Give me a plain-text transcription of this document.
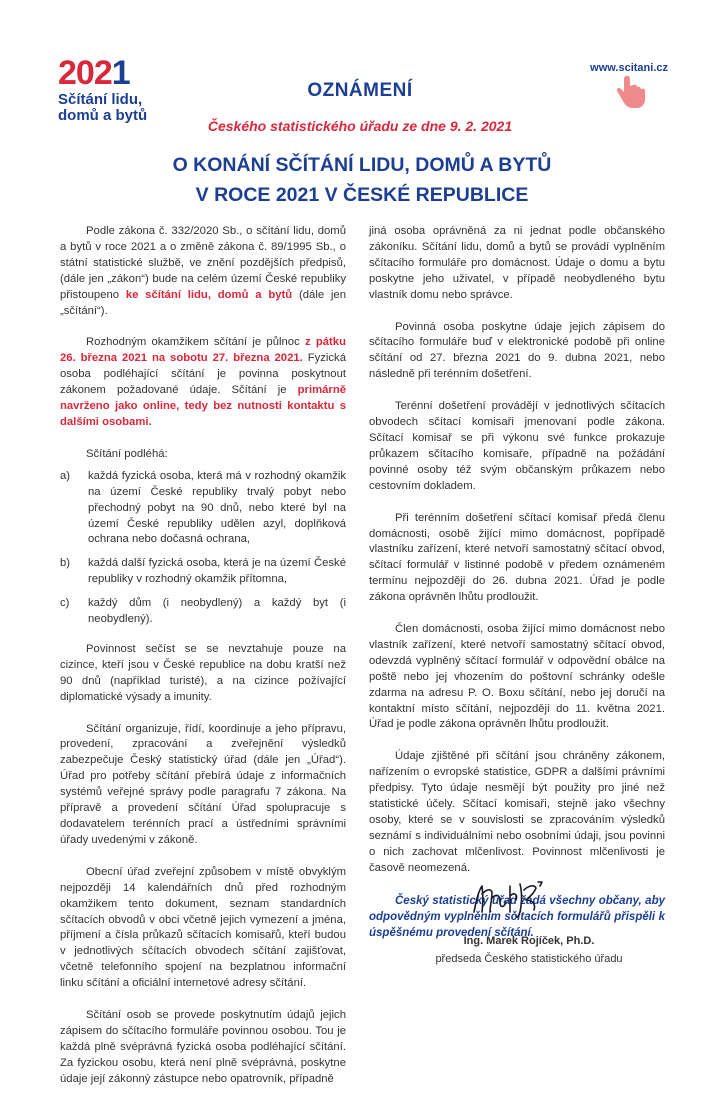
2021
Sčítání lidu,
domů a bytů
www.scitani.cz
OZNÁMENÍ
Českého statistického úřadu ze dne 9. 2. 2021
O KONÁNÍ SČÍTÁNÍ LIDU, DOMŮ A BYTŮ
V ROCE 2021 V ČESKÉ REPUBLICE

Podle zákona č. 332/2020 Sb., o sčítání lidu, domů a bytů v roce 2021 a o změně zákona č. 89/1995 Sb., o státní statistické službě, ve znění pozdějších předpisů, (dále jen „zákon“) bude na celém území České republiky přistoupeno ke sčítání lidu, domů a bytů (dále jen „sčítání“).

Rozhodným okamžikem sčítání je půlnoc z pátku 26. března 2021 na sobotu 27. března 2021. Fyzická osoba podléhající sčítání je povinna poskytnout zákonem požadované údaje. Sčítání je primárně navrženo jako online, tedy bez nutnosti kontaktu s dalšími osobami.

Sčítání podléhá:

a)	každá fyzická osoba, která má v rozhodný okamžik na území České republiky trvalý pobyt nebo přechodný pobyt na 90 dnů, nebo které byl na území České republiky udělen azyl, doplňková ochrana nebo dočasná ochrana,
b)	každá další fyzická osoba, která je na území České republiky v rozhodný okamžik přítomna,
c)	každý dům (i neobydlený) a každý byt (i neobydlený).

Povinnost sečíst se se nevztahuje pouze na cizince, kteří jsou v České republice na dobu kratší než 90 dnů (například turisté), a na cizince požívající diplomatické výsady a imunity.

Sčítání organizuje, řídí, koordinuje a jeho přípravu, provedení, zpracování a zveřejnění výsledků zabezpečuje Český statistický úřad (dále jen „Úřad“). Úřad pro potřeby sčítání přebírá údaje z informačních systémů veřejné správy podle paragrafu 7 zákona. Na přípravě a provedení sčítání Úřad spolupracuje s dodavatelem terénních prací a ústředními správními úřady uvedenými v zákoně.

Obecní úřad zveřejní způsobem v místě obvyklým nejpozději 14 kalendářních dnů před rozhodným okamžikem tento dokument, seznam standardních sčítacích obvodů v obci včetně jejich vymezení a jména, příjmení a čísla průkazů sčítacích komisařů, kteří budou v jednotlivých sčítacích obvodech sčítání zajišťovat, včetně telefonního spojení na bezplatnou informační linku sčítání a oficiální internetové adresy sčítání.

Sčítání osob se provede poskytnutím údajů jejich zápisem do sčítacího formuláře povinnou osobou. Tou je každá plně svéprávná fyzická osoba podléhající sčítání. Za fyzickou osobu, která není plně svéprávná, poskytne údaje její zákonný zástupce nebo opatrovník, případně

jiná osoba oprávněná za ni jednat podle občanského zákoníku. Sčítání lidu, domů a bytů se provádí vyplněním sčítacího formuláře pro domácnost. Údaje o domu a bytu poskytne jeho uživatel, v případě neobydleného bytu vlastník domu nebo správce.

Povinná osoba poskytne údaje jejich zápisem do sčítacího formuláře buď v elektronické podobě při online sčítání od 27. března 2021 do 9. dubna 2021, nebo následně při terénním došetření.

Terénní došetření provádějí v jednotlivých sčítacích obvodech sčítací komisaři jmenovaní podle zákona. Sčítací komisař se při výkonu své funkce prokazuje průkazem sčítacího komisaře, případně na požádání povinné osoby též svým občanským průkazem nebo cestovním dokladem.

Při terénním došetření sčítací komisař předá členu domácnosti, osobě žijící mimo domácnost, popřípadě vlastníku zařízení, které netvoří samostatný sčítací obvod, sčítací formulář v listinné podobě v předem oznámeném termínu nejpozději do 26. dubna 2021. Úřad je podle zákona oprávněn lhůtu prodloužit.

Člen domácnosti, osoba žijící mimo domácnost nebo vlastník zařízení, které netvoří samostatný sčítací obvod, odevzdá vyplněný sčítací formulář v odpovědní obálce na poště nebo jej vhozením do poštovní schránky odešle zdarma na adresu P. O. Boxu sčítání, nebo jej doručí na kontaktní místo sčítání, nejpozději do 11. května 2021. Úřad je podle zákona oprávněn lhůtu prodloužit.

Údaje zjištěné při sčítání jsou chráněny zákonem, nařízením o evropské statistice, GDPR a dalšími právními předpisy. Tyto údaje nesmějí být použity pro jiné než statistické účely. Sčítací komisaři, stejně jako všechny osoby, které se v souvislosti se zpracováním výsledků seznámí s individuálními nebo osobními údaji, jsou povinni o nich zachovat mlčenlivost. Povinnost mlčenlivosti je časově neomezená.

Český statistický úřad žádá všechny občany, aby odpovědným vyplněním sčítacích formulářů přispěli k úspěšnému provedení sčítání.

Ing. Marek Rojíček, Ph.D.
předseda Českého statistického úřadu
